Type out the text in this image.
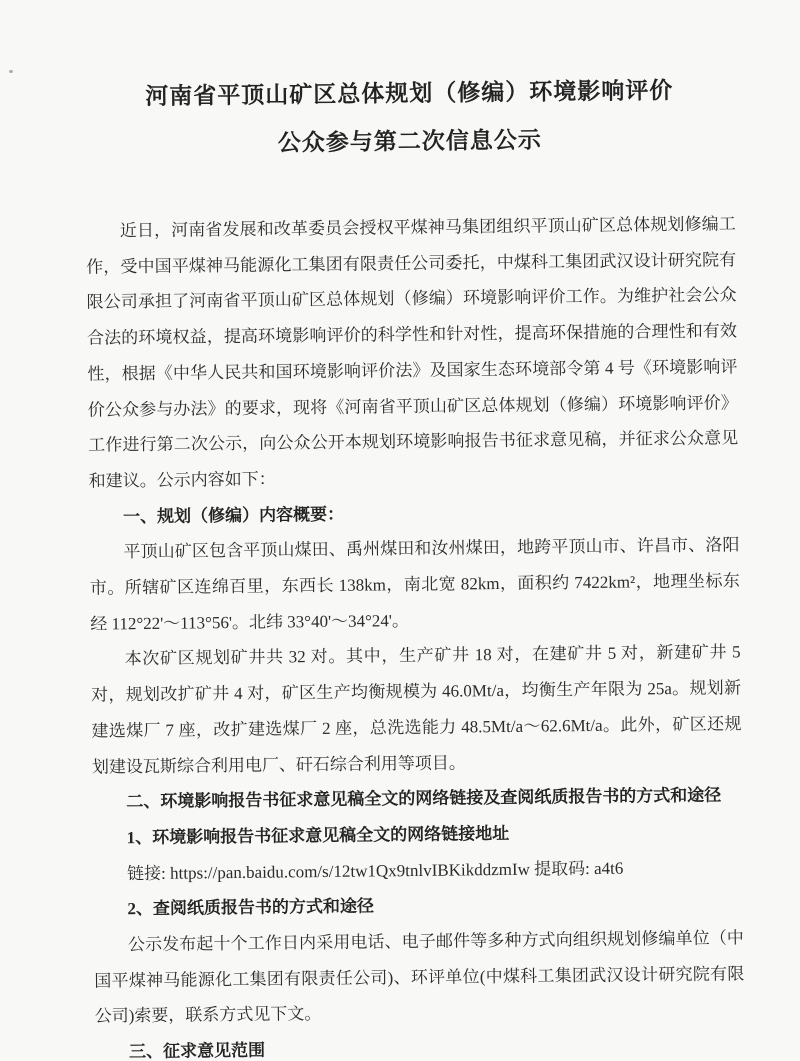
河南省平顶山矿区总体规划（修编）环境影响评价
公众参与第二次信息公示

近日，河南省发展和改革委员会授权平煤神马集团组织平顶山矿区总体规划修编工作，受中国平煤神马能源化工集团有限责任公司委托，中煤科工集团武汉设计研究院有限公司承担了河南省平顶山矿区总体规划（修编）环境影响评价工作。为维护社会公众合法的环境权益，提高环境影响评价的科学性和针对性，提高环保措施的合理性和有效性，根据《中华人民共和国环境影响评价法》及国家生态环境部令第 4 号《环境影响评价公众参与办法》的要求，现将《河南省平顶山矿区总体规划（修编）环境影响评价》工作进行第二次公示，向公众公开本规划环境影响报告书征求意见稿，并征求公众意见和建议。公示内容如下：

一、规划（修编）内容概要：

平顶山矿区包含平顶山煤田、禹州煤田和汝州煤田，地跨平顶山市、许昌市、洛阳市。所辖矿区连绵百里，东西长 138km，南北宽 82km，面积约 7422km²，地理坐标东经 112°22'～113°56'。北纬 33°40'～34°24'。

本次矿区规划矿井共 32 对。其中，生产矿井 18 对，在建矿井 5 对，新建矿井 5 对，规划改扩矿井 4 对，矿区生产均衡规模为 46.0Mt/a，均衡生产年限为 25a。规划新建选煤厂 7 座，改扩建选煤厂 2 座，总洗选能力 48.5Mt/a～62.6Mt/a。此外，矿区还规划建设瓦斯综合利用电厂、矸石综合利用等项目。

二、环境影响报告书征求意见稿全文的网络链接及查阅纸质报告书的方式和途径
1、环境影响报告书征求意见稿全文的网络链接地址

链接: https://pan.baidu.com/s/12tw1Qx9tnlvIBKikddzmIw 提取码: a4t6

2、查阅纸质报告书的方式和途径

公示发布起十个工作日内采用电话、电子邮件等多种方式向组织规划修编单位（中国平煤神马能源化工集团有限责任公司)、环评单位(中煤科工集团武汉设计研究院有限公司)索要，联系方式见下文。

三、征求意见范围
